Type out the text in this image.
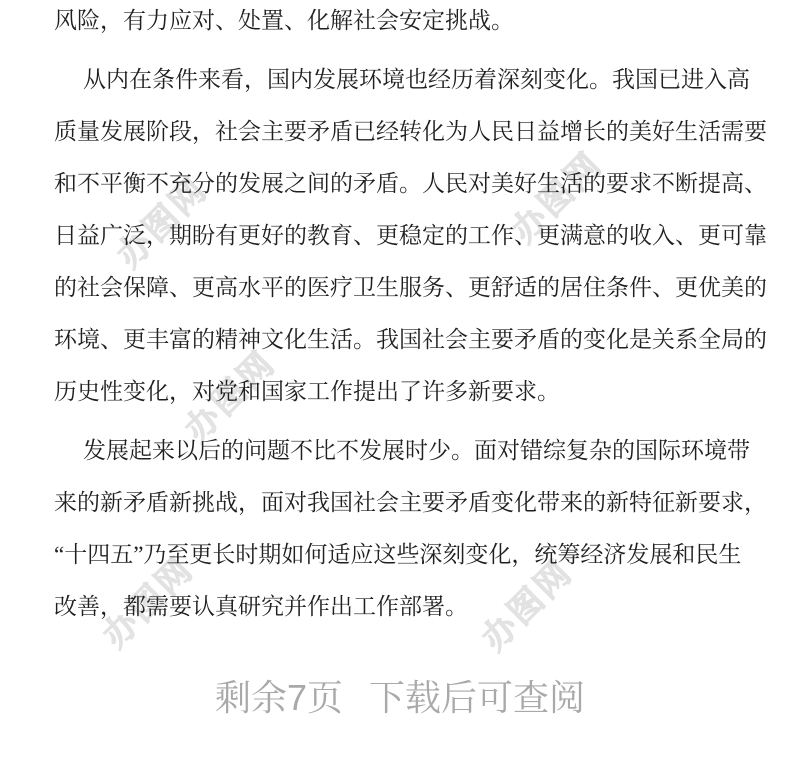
办图网	办图网
办图网
办图网	办图网
风险，有力应对、处置、化解社会安定挑战。
从内在条件来看，国内发展环境也经历着深刻变化。我国已进入高
质量发展阶段，社会主要矛盾已经转化为人民日益增长的美好生活需要
和不平衡不充分的发展之间的矛盾。人民对美好生活的要求不断提高、
日益广泛，期盼有更好的教育、更稳定的工作、更满意的收入、更可靠
的社会保障、更高水平的医疗卫生服务、更舒适的居住条件、更优美的
环境、更丰富的精神文化生活。我国社会主要矛盾的变化是关系全局的
历史性变化，对党和国家工作提出了许多新要求。
发展起来以后的问题不比不发展时少。面对错综复杂的国际环境带
来的新矛盾新挑战，面对我国社会主要矛盾变化带来的新特征新要求，
“十四五”乃至更长时期如何适应这些深刻变化，统筹经济发展和民生
改善，都需要认真研究并作出工作部署。
剩余7页 下载后可查阅
